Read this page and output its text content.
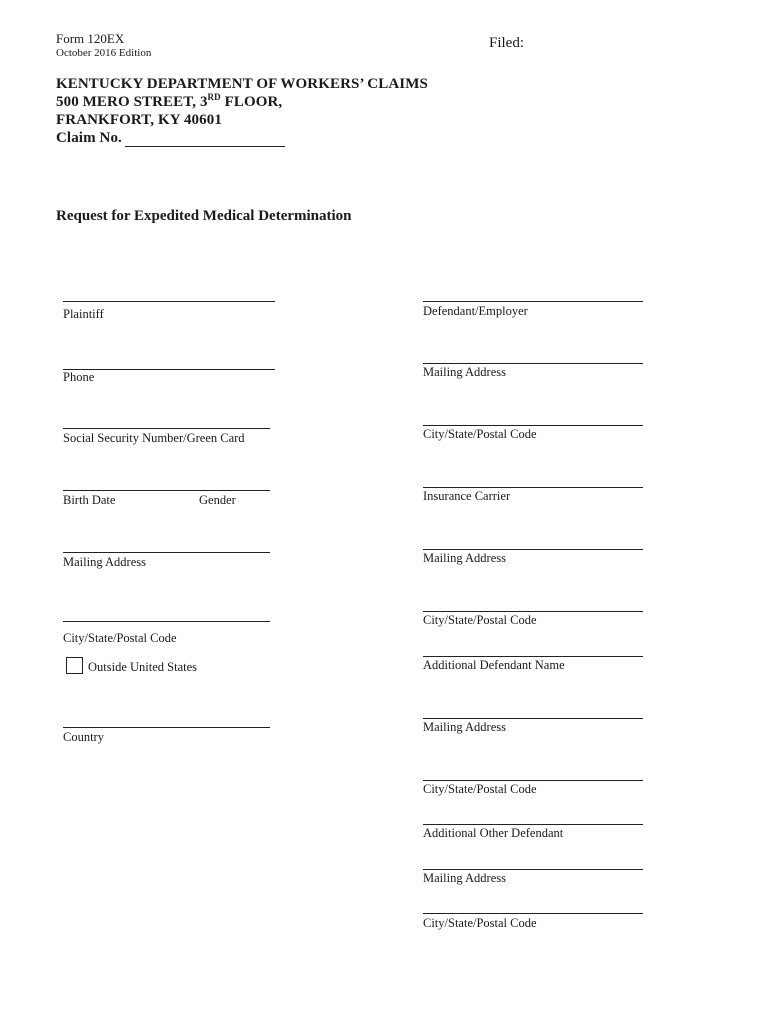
Form 120EX
October 2016 Edition
Filed:
KENTUCKY DEPARTMENT OF WORKERS’ CLAIMS
500 MERO STREET, 3RD FLOOR,
FRANKFORT, KY 40601
Claim No.
Request for Expedited Medical Determination
Plaintiff
Phone
Social Security Number/Green Card
Birth Date	Gender
Mailing Address
City/State/Postal Code
Outside United States
Country
Defendant/Employer
Mailing Address
City/State/Postal Code
Insurance Carrier
Mailing Address
City/State/Postal Code
Additional Defendant Name
Mailing Address
City/State/Postal Code
Additional Other Defendant
Mailing Address
City/State/Postal Code
